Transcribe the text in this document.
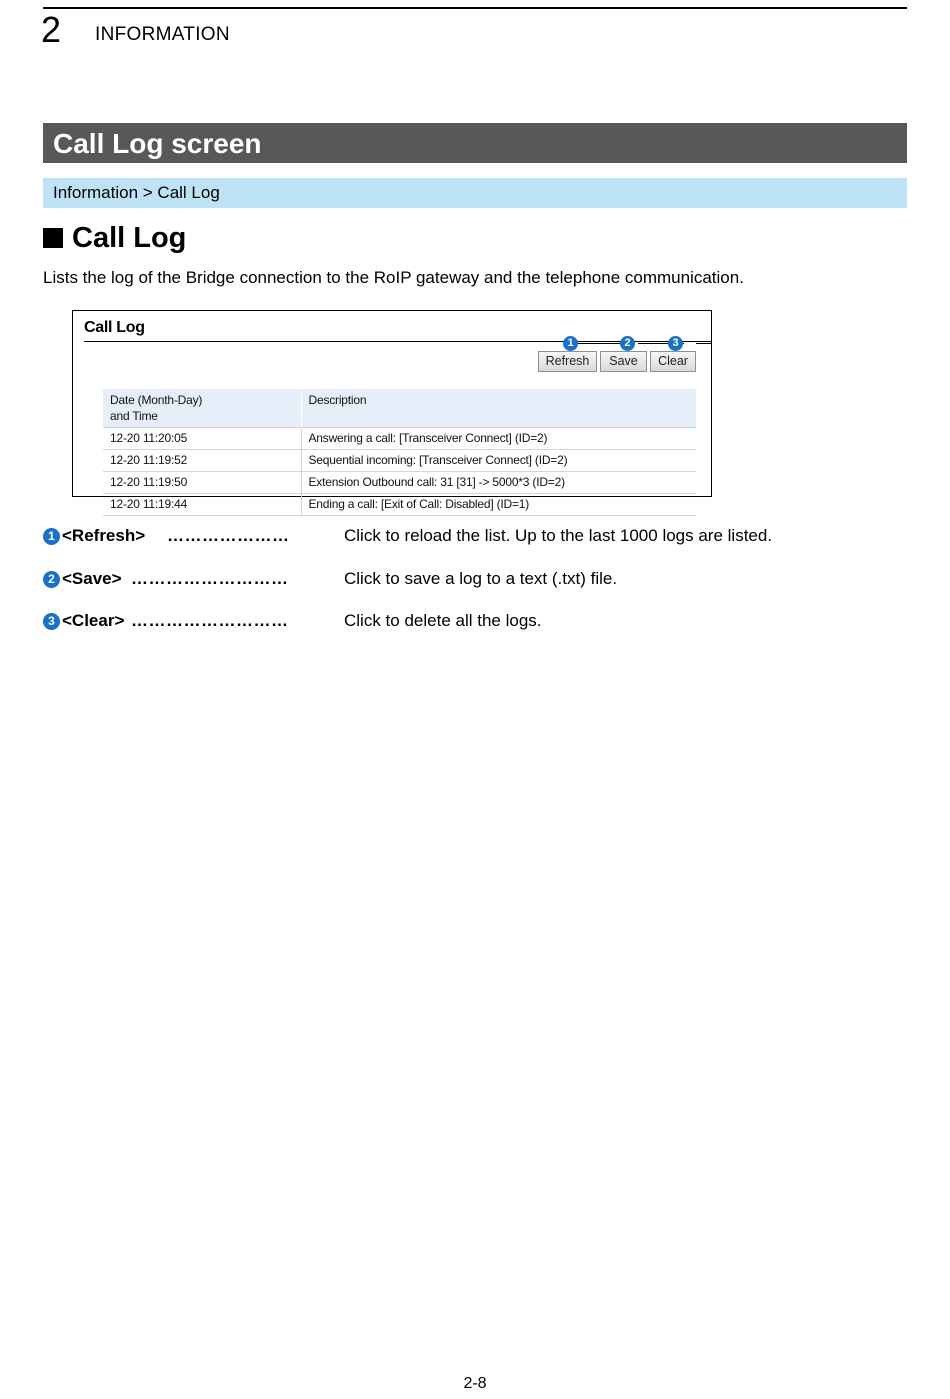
2 INFORMATION
Call Log screen
Information > Call Log
Call Log
Lists the log of the Bridge connection to the RoIP gateway and the telephone communication.
Call Log
1	2	3
Refresh	Save	Clear
Date (Month-Day)
and Time	Description
12-20 11:20:05	Answering a call: [Transceiver Connect] (ID=2)
12-20 11:19:52	Sequential incoming: [Transceiver Connect] (ID=2)
12-20 11:19:50	Extension Outbound call: 31 [31] -> 5000*3 (ID=2)
12-20 11:19:44	Ending a call: [Exit of Call: Disabled] (ID=1)
1 <Refresh> …………………	Click to reload the list. Up to the last 1000 logs are listed.
2 <Save> ………………………	Click to save a log to a text (.txt) file.
3 <Clear> ………………………	Click to delete all the logs.
2-8
